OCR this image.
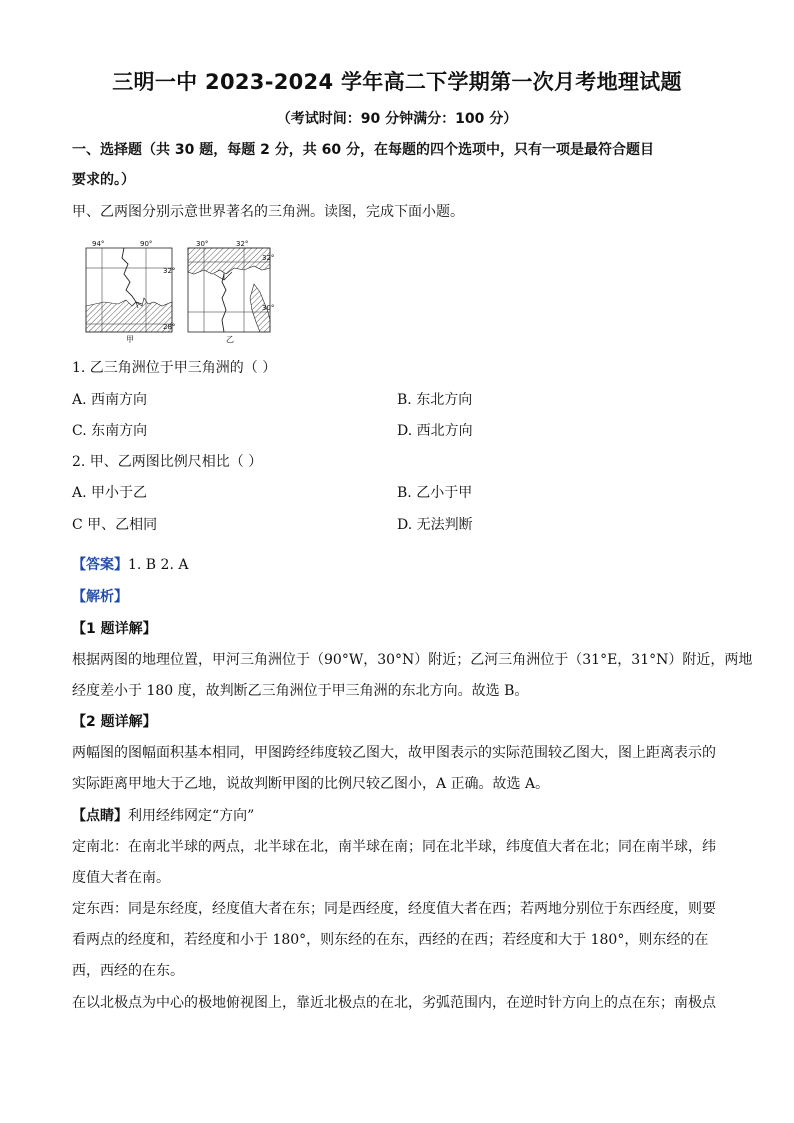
三明一中 2023-2024 学年高二下学期第一次月考地理试题
（考试时间：90 分钟满分：100 分）
一、选择题（共 30 题，每题 2 分，共 60 分，在每题的四个选项中，只有一项是最符合题目
要求的。）
甲、乙两图分别示意世界著名的三角洲。读图，完成下面小题。
94°	90°
32°
28°
甲
30°	32°
32°
30°
乙
1. 乙三角洲位于甲三角洲的（ ）
A. 西南方向	B. 东北方向
C. 东南方向	D. 西北方向
2. 甲、乙两图比例尺相比（ ）
A. 甲小于乙	B. 乙小于甲
C 甲、乙相同	D. 无法判断
【答案】1. B 2. A
【解析】
【1 题详解】
根据两图的地理位置，甲河三角洲位于（90°W，30°N）附近；乙河三角洲位于（31°E，31°N）附近，两地
经度差小于 180 度，故判断乙三角洲位于甲三角洲的东北方向。故选 B。
【2 题详解】
两幅图的图幅面积基本相同，甲图跨经纬度较乙图大，故甲图表示的实际范围较乙图大，图上距离表示的
实际距离甲地大于乙地，说故判断甲图的比例尺较乙图小，A 正确。故选 A。
【点睛】利用经纬网定“方向”
定南北：在南北半球的两点，北半球在北，南半球在南；同在北半球，纬度值大者在北；同在南半球，纬
度值大者在南。
定东西：同是东经度，经度值大者在东；同是西经度，经度值大者在西；若两地分别位于东西经度，则要
看两点的经度和，若经度和小于 180°，则东经的在东，西经的在西；若经度和大于 180°，则东经的在
西，西经的在东。
在以北极点为中心的极地俯视图上，靠近北极点的在北，劣弧范围内，在逆时针方向上的点在东；南极点
